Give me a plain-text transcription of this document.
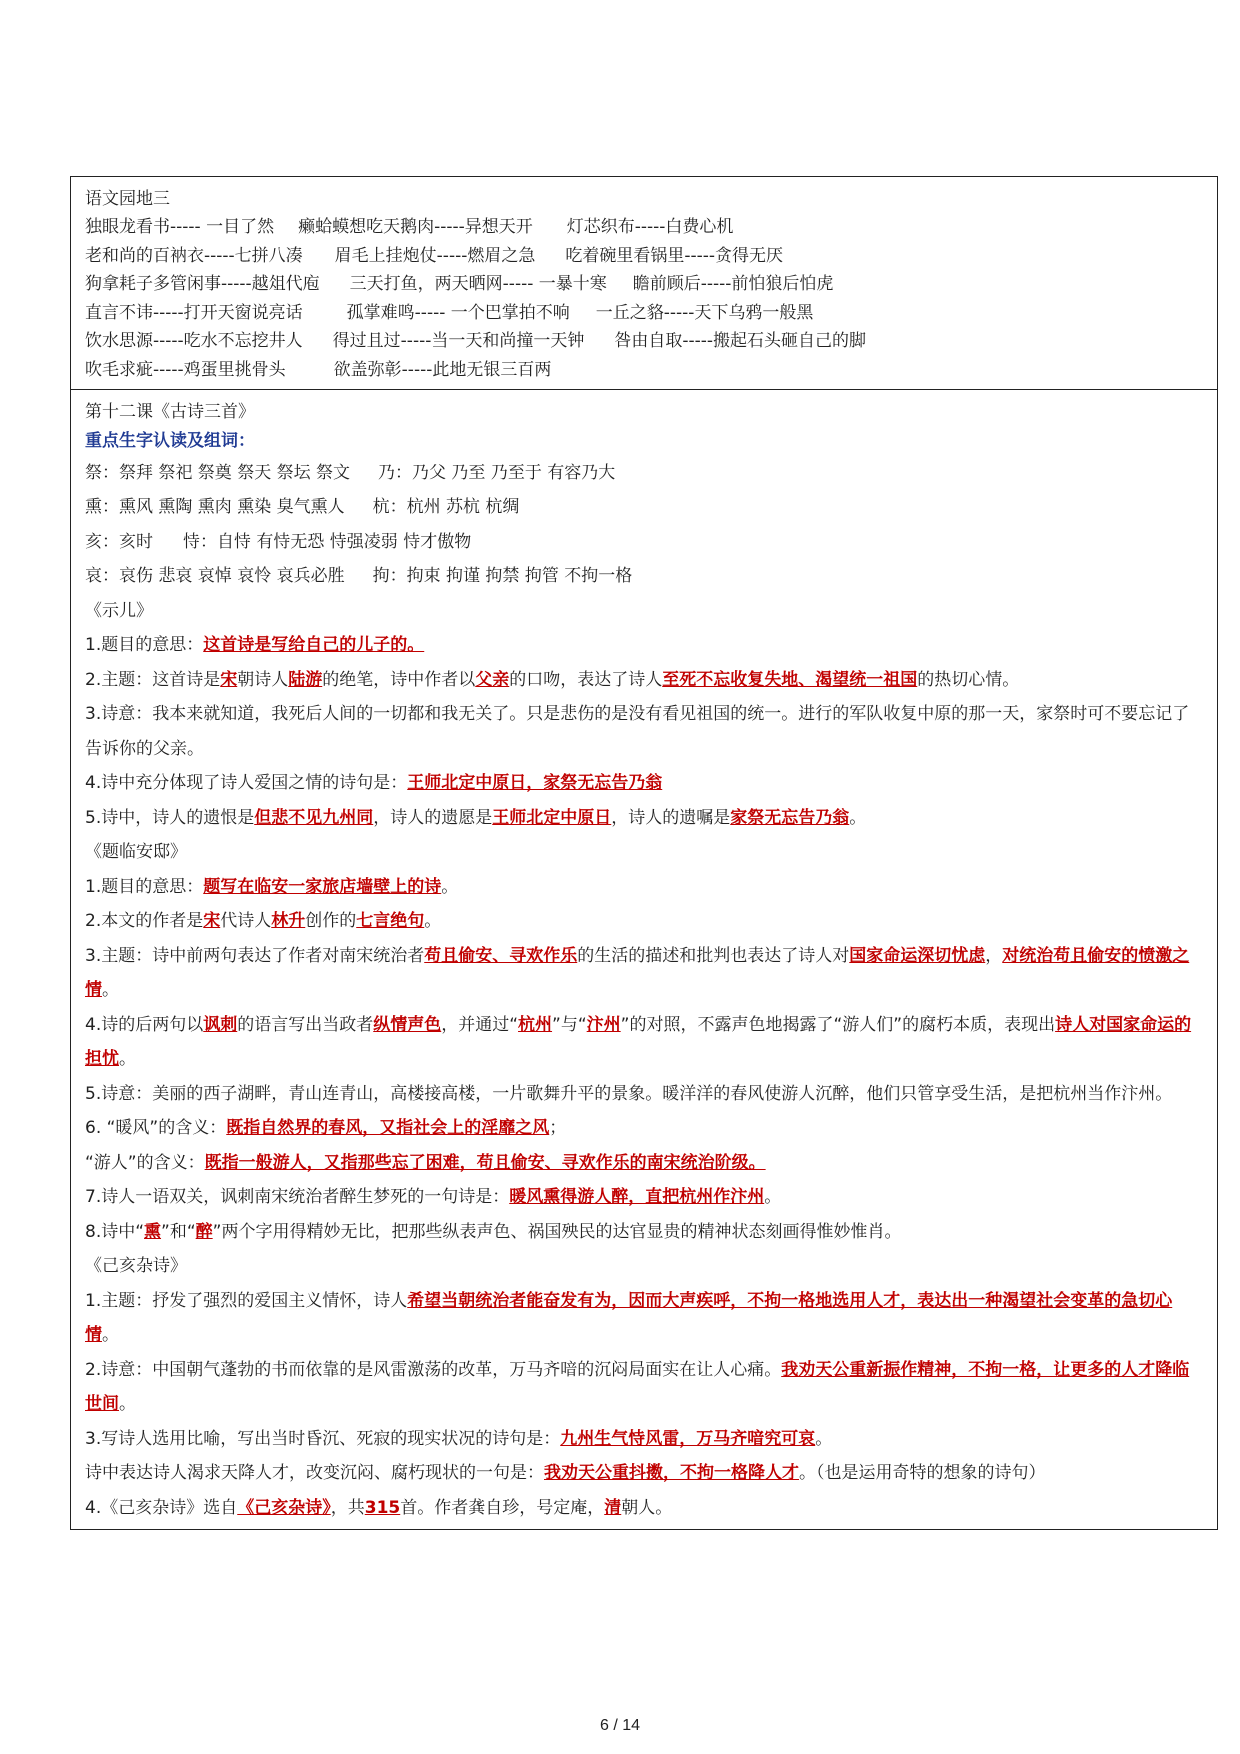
语文园地三
独眼龙看书----- 一目了然 癞蛤蟆想吃天鹅肉-----异想天开 灯芯织布-----白费心机
老和尚的百衲衣-----七拼八凑 眉毛上挂炮仗-----燃眉之急 吃着碗里看锅里-----贪得无厌
狗拿耗子多管闲事-----越俎代庖 三天打鱼，两天晒网----- 一暴十寒 瞻前顾后-----前怕狼后怕虎
直言不讳-----打开天窗说亮话	孤掌难鸣----- 一个巴掌拍不响 一丘之貉-----天下乌鸦一般黑
饮水思源-----吃水不忘挖井人 得过且过-----当一天和尚撞一天钟 咎由自取-----搬起石头砸自己的脚
吹毛求疵-----鸡蛋里挑骨头	欲盖弥彰-----此地无银三百两
第十二课《古诗三首》
重点生字认读及组词：
祭：祭拜 祭祀 祭奠 祭天 祭坛 祭文 乃：乃父 乃至 乃至于 有容乃大
熏：熏风 熏陶 熏肉 熏染 臭气熏人 杭：杭州 苏杭 杭绸
亥：亥时 恃：自恃 有恃无恐 恃强凌弱 恃才傲物
哀：哀伤 悲哀 哀悼 哀怜 哀兵必胜 拘：拘束 拘谨 拘禁 拘管 不拘一格
《示儿》
1.题目的意思：这首诗是写给自己的儿子的。
2.主题：这首诗是宋朝诗人陆游的绝笔，诗中作者以父亲的口吻，表达了诗人至死不忘收复失地、渴望统一祖国的热切心情。
3.诗意：我本来就知道，我死后人间的一切都和我无关了。只是悲伤的是没有看见祖国的统一。进行的军队收复中原的那一天，家祭时可不要忘记了告诉你的父亲。
4.诗中充分体现了诗人爱国之情的诗句是：王师北定中原日，家祭无忘告乃翁
5.诗中，诗人的遗恨是但悲不见九州同，诗人的遗愿是王师北定中原日，诗人的遗嘱是家祭无忘告乃翁。
《题临安邸》
1.题目的意思：题写在临安一家旅店墙壁上的诗。
2.本文的作者是宋代诗人林升创作的七言绝句。
3.主题：诗中前两句表达了作者对南宋统治者苟且偷安、寻欢作乐的生活的描述和批判也表达了诗人对国家命运深切忧虑，对统治苟且偷安的愤激之情。
4.诗的后两句以讽刺的语言写出当政者纵情声色，并通过“杭州”与“汴州”的对照，不露声色地揭露了“游人们”的腐朽本质，表现出诗人对国家命运的担忧。
5.诗意：美丽的西子湖畔，青山连青山，高楼接高楼，一片歌舞升平的景象。暖洋洋的春风使游人沉醉，他们只管享受生活，是把杭州当作汴州。
6. “暖风”的含义：既指自然界的春风，又指社会上的淫靡之风；
“游人”的含义：既指一般游人，又指那些忘了困难，苟且偷安、寻欢作乐的南宋统治阶级。
7.诗人一语双关，讽刺南宋统治者醉生梦死的一句诗是：暖风熏得游人醉，直把杭州作汴州。
8.诗中“熏”和“醉”两个字用得精妙无比，把那些纵表声色、祸国殃民的达官显贵的精神状态刻画得惟妙惟肖。
《己亥杂诗》
1.主题：抒发了强烈的爱国主义情怀，诗人希望当朝统治者能奋发有为，因而大声疾呼，不拘一格地选用人才，表达出一种渴望社会变革的急切心情。
2.诗意：中国朝气蓬勃的书而依靠的是风雷激荡的改革，万马齐喑的沉闷局面实在让人心痛。我劝天公重新振作精神，不拘一格，让更多的人才降临世间。
3.写诗人选用比喻，写出当时昏沉、死寂的现实状况的诗句是：九州生气恃风雷，万马齐喑究可哀。
诗中表达诗人渴求天降人才，改变沉闷、腐朽现状的一句是：我劝天公重抖擞，不拘一格降人才。（也是运用奇特的想象的诗句）
4.《己亥杂诗》选自《己亥杂诗》，共315首。作者龚自珍，号定庵，清朝人。
6 / 14
